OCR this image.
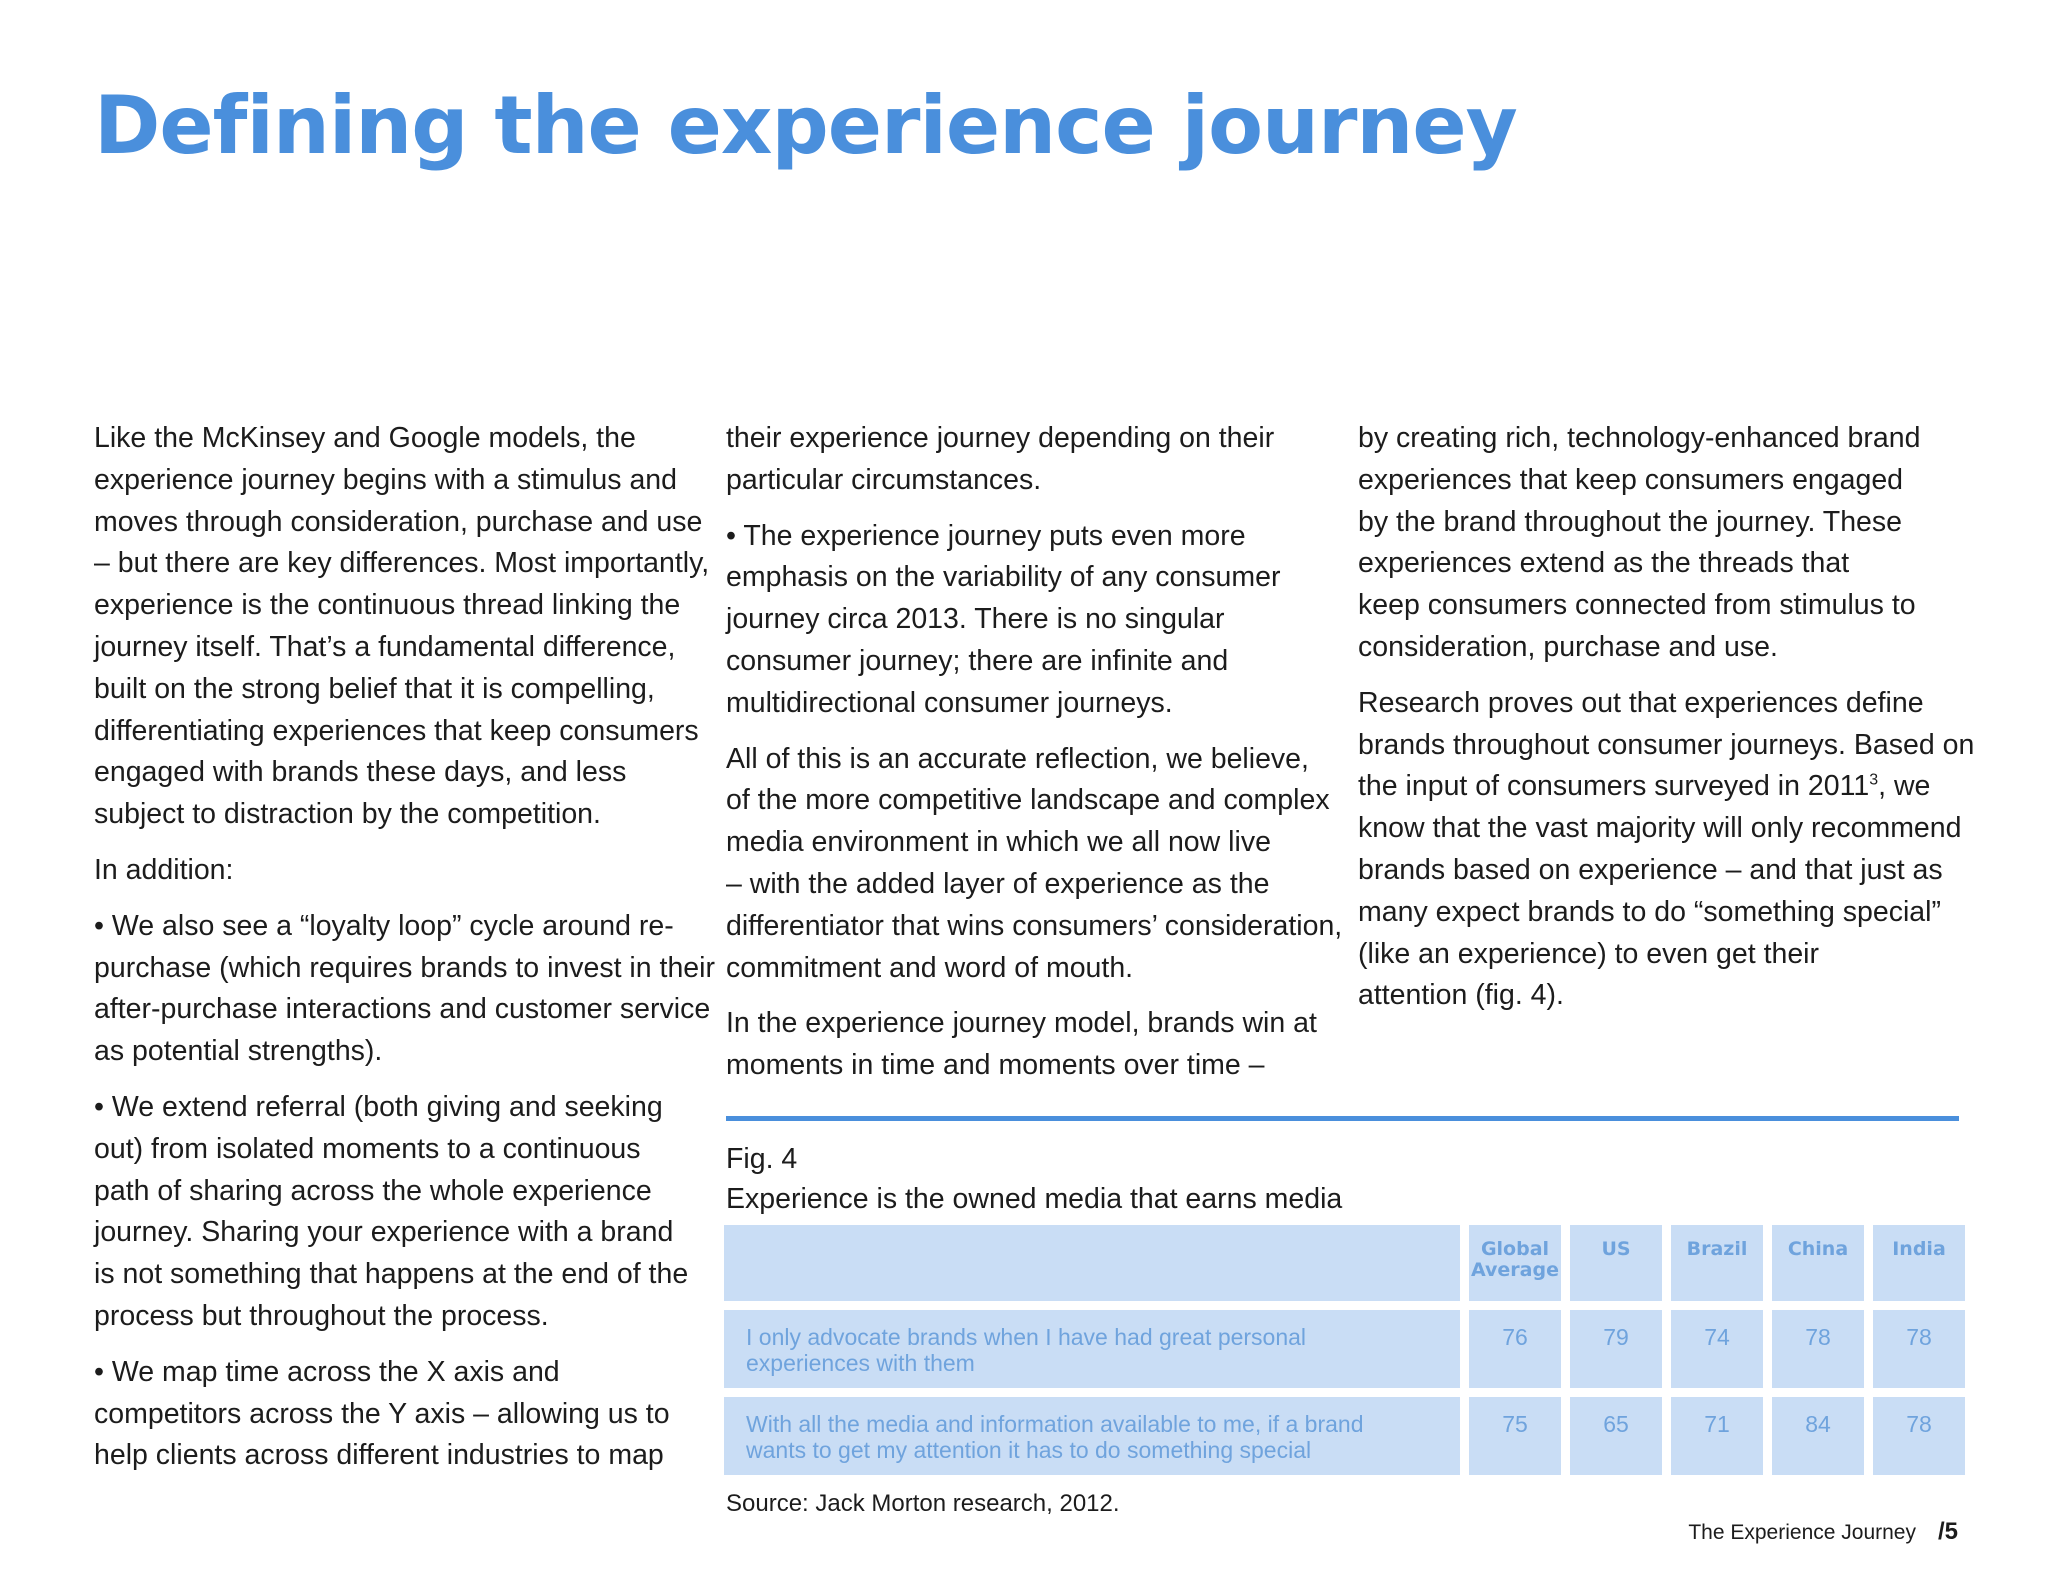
Defining the experience journey

Like the McKinsey and Google models, the
experience journey begins with a stimulus and
moves through consideration, purchase and use
– but there are key differences. Most importantly,
experience is the continuous thread linking the
journey itself. That’s a fundamental difference,
built on the strong belief that it is compelling,
differentiating experiences that keep consumers
engaged with brands these days, and less
subject to distraction by the competition.

In addition:

• We also see a “loyalty loop” cycle around re-
purchase (which requires brands to invest in their
after-purchase interactions and customer service
as potential strengths).

• We extend referral (both giving and seeking
out) from isolated moments to a continuous
path of sharing across the whole experience
journey. Sharing your experience with a brand
is not something that happens at the end of the
process but throughout the process.

• We map time across the X axis and
competitors across the Y axis – allowing us to
help clients across different industries to map

their experience journey depending on their
particular circumstances.

• The experience journey puts even more
emphasis on the variability of any consumer
journey circa 2013. There is no singular
consumer journey; there are infinite and
multidirectional consumer journeys.

All of this is an accurate reflection, we believe,
of the more competitive landscape and complex
media environment in which we all now live
– with the added layer of experience as the
differentiator that wins consumers’ consideration,
commitment and word of mouth.

In the experience journey model, brands win at
moments in time and moments over time –

by creating rich, technology-enhanced brand
experiences that keep consumers engaged
by the brand throughout the journey. These
experiences extend as the threads that
keep consumers connected from stimulus to
consideration, purchase and use.

Research proves out that experiences define
brands throughout consumer journeys. Based on
the input of consumers surveyed in 2011$^3$, we
know that the vast majority will only recommend
brands based on experience – and that just as
many expect brands to do “something special”
(like an experience) to even get their
attention (fig. 4).

Fig. 4
Experience is the owned media that earns media
	Global
Average	US	Brazil	China	India

I only advocate brands when I have had great personal
experiences with them	76	79	74	78	78

With all the media and information available to me, if a brand
wants to get my attention it has to do something special	75	65	71	84	78
Source: Jack Morton research, 2012.
The Experience Journey /5
